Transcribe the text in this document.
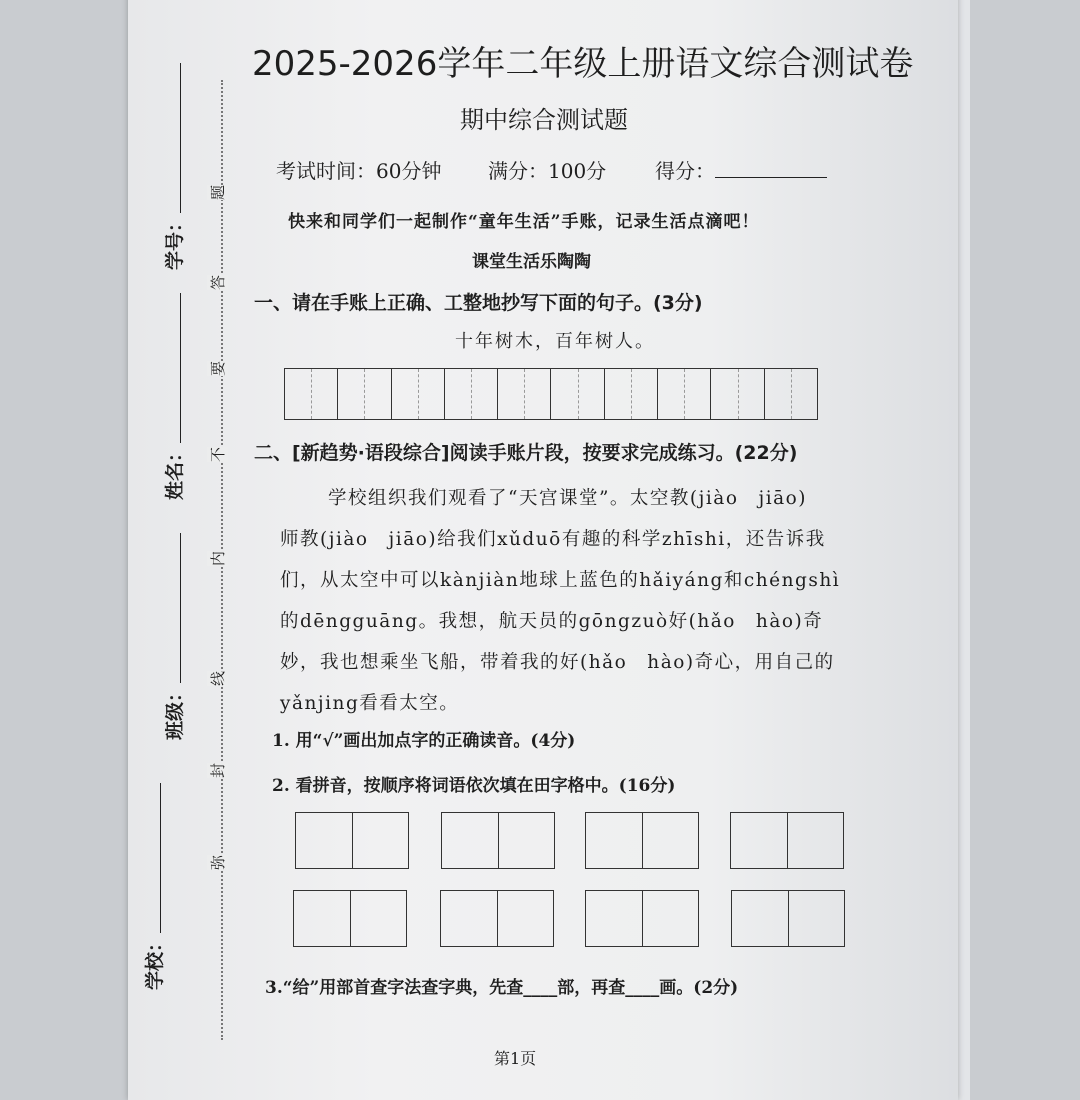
弥
封
线
内
不
要
答
题
学号：
姓名：
班级：
学校：
2025-2026学年二年级上册语文综合测试卷
期中综合测试题
考试时间：60分钟 满分：100分 得分：
快来和同学们一起制作“童年生活”手账，记录生活点滴吧！
课堂生活乐陶陶
一、请在手账上正确、工整地抄写下面的句子。(3分)
十年树木，百年树人。
二、[新趋势·语段综合]阅读手账片段，按要求完成练习。(22分)
学校组织我们观看了“天宫课堂”。太空教(jiào　jiāo)
师教(jiào　jiāo)给我们xǔduō有趣的科学zhīshi，还告诉我
们，从太空中可以kànjiàn地球上蓝色的hǎiyáng和chéngshì
的dēngguāng。我想，航天员的gōngzuò好(hǎo　hào)奇
妙，我也想乘坐飞船，带着我的好(hǎo　hào)奇心，用自己的
yǎnjing看看太空。
1. 用“√”画出加点字的正确读音。(4分)
2. 看拼音，按顺序将词语依次填在田字格中。(16分)
3.“给”用部首查字法查字典，先查____部，再查____画。(2分)
第1页
